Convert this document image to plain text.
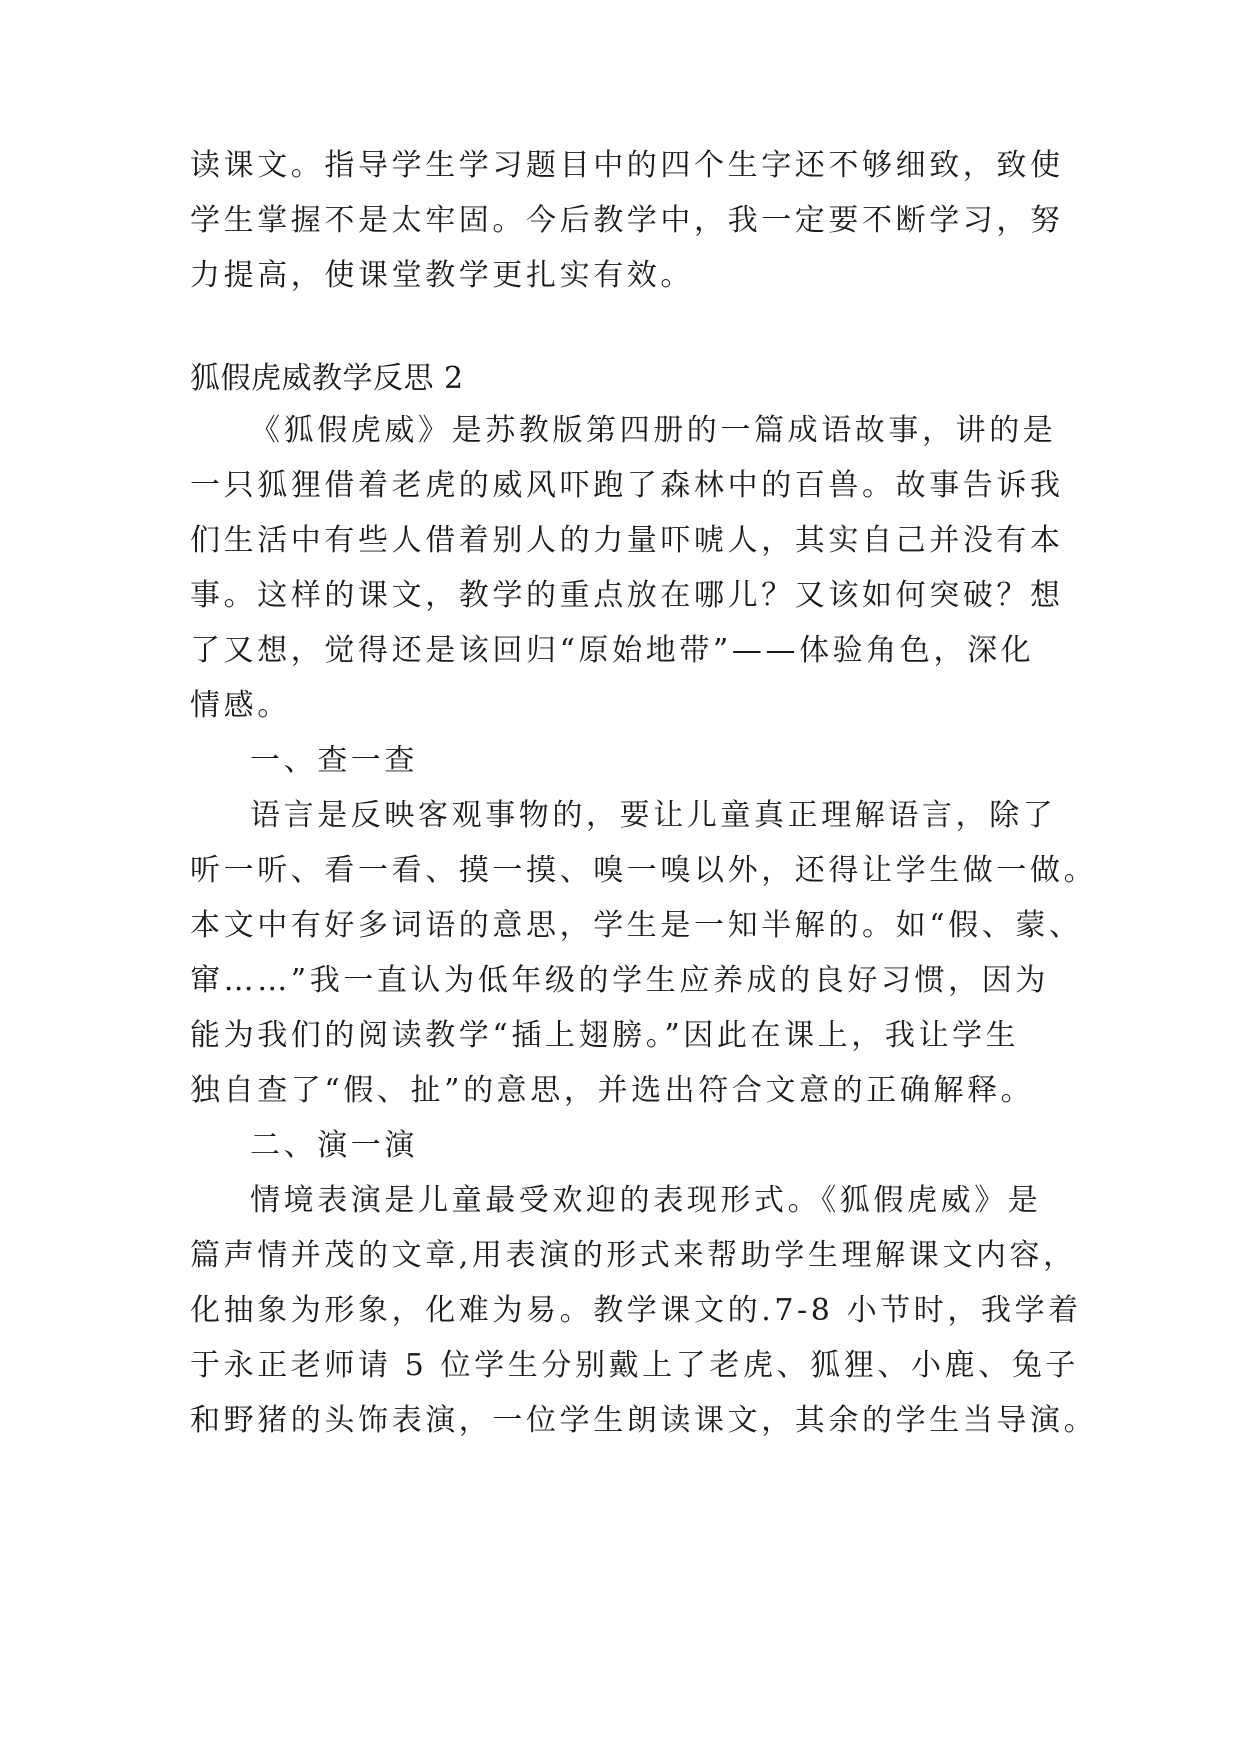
读课文。指导学生学习题目中的四个生字还不够细致，致使
学生掌握不是太牢固。今后教学中，我一定要不断学习，努
力提高，使课堂教学更扎实有效。
狐假虎威教学反思 2
《狐假虎威》是苏教版第四册的一篇成语故事，讲的是
一只狐狸借着老虎的威风吓跑了森林中的百兽。故事告诉我
们生活中有些人借着别人的力量吓唬人，其实自己并没有本
事。这样的课文，教学的重点放在哪儿？又该如何突破？想
了又想，觉得还是该回归“原始地带”——体验角色，深化
情感。
一、查一查
语言是反映客观事物的，要让儿童真正理解语言，除了
听一听、看一看、摸一摸、嗅一嗅以外，还得让学生做一做。
本文中有好多词语的意思，学生是一知半解的。如“假、蒙、
窜……”我一直认为低年级的学生应养成的良好习惯，因为
能为我们的阅读教学“插上翅膀。”因此在课上，我让学生
独自查了“假、扯”的意思，并选出符合文意的正确解释。
二、演一演
情境表演是儿童最受欢迎的表现形式。《狐假虎威》是
篇声情并茂的文章,用表演的形式来帮助学生理解课文内容，
化抽象为形象，化难为易。教学课文的.7-8 小节时，我学着
于永正老师请 5 位学生分别戴上了老虎、狐狸、小鹿、兔子
和野猪的头饰表演，一位学生朗读课文，其余的学生当导演。
